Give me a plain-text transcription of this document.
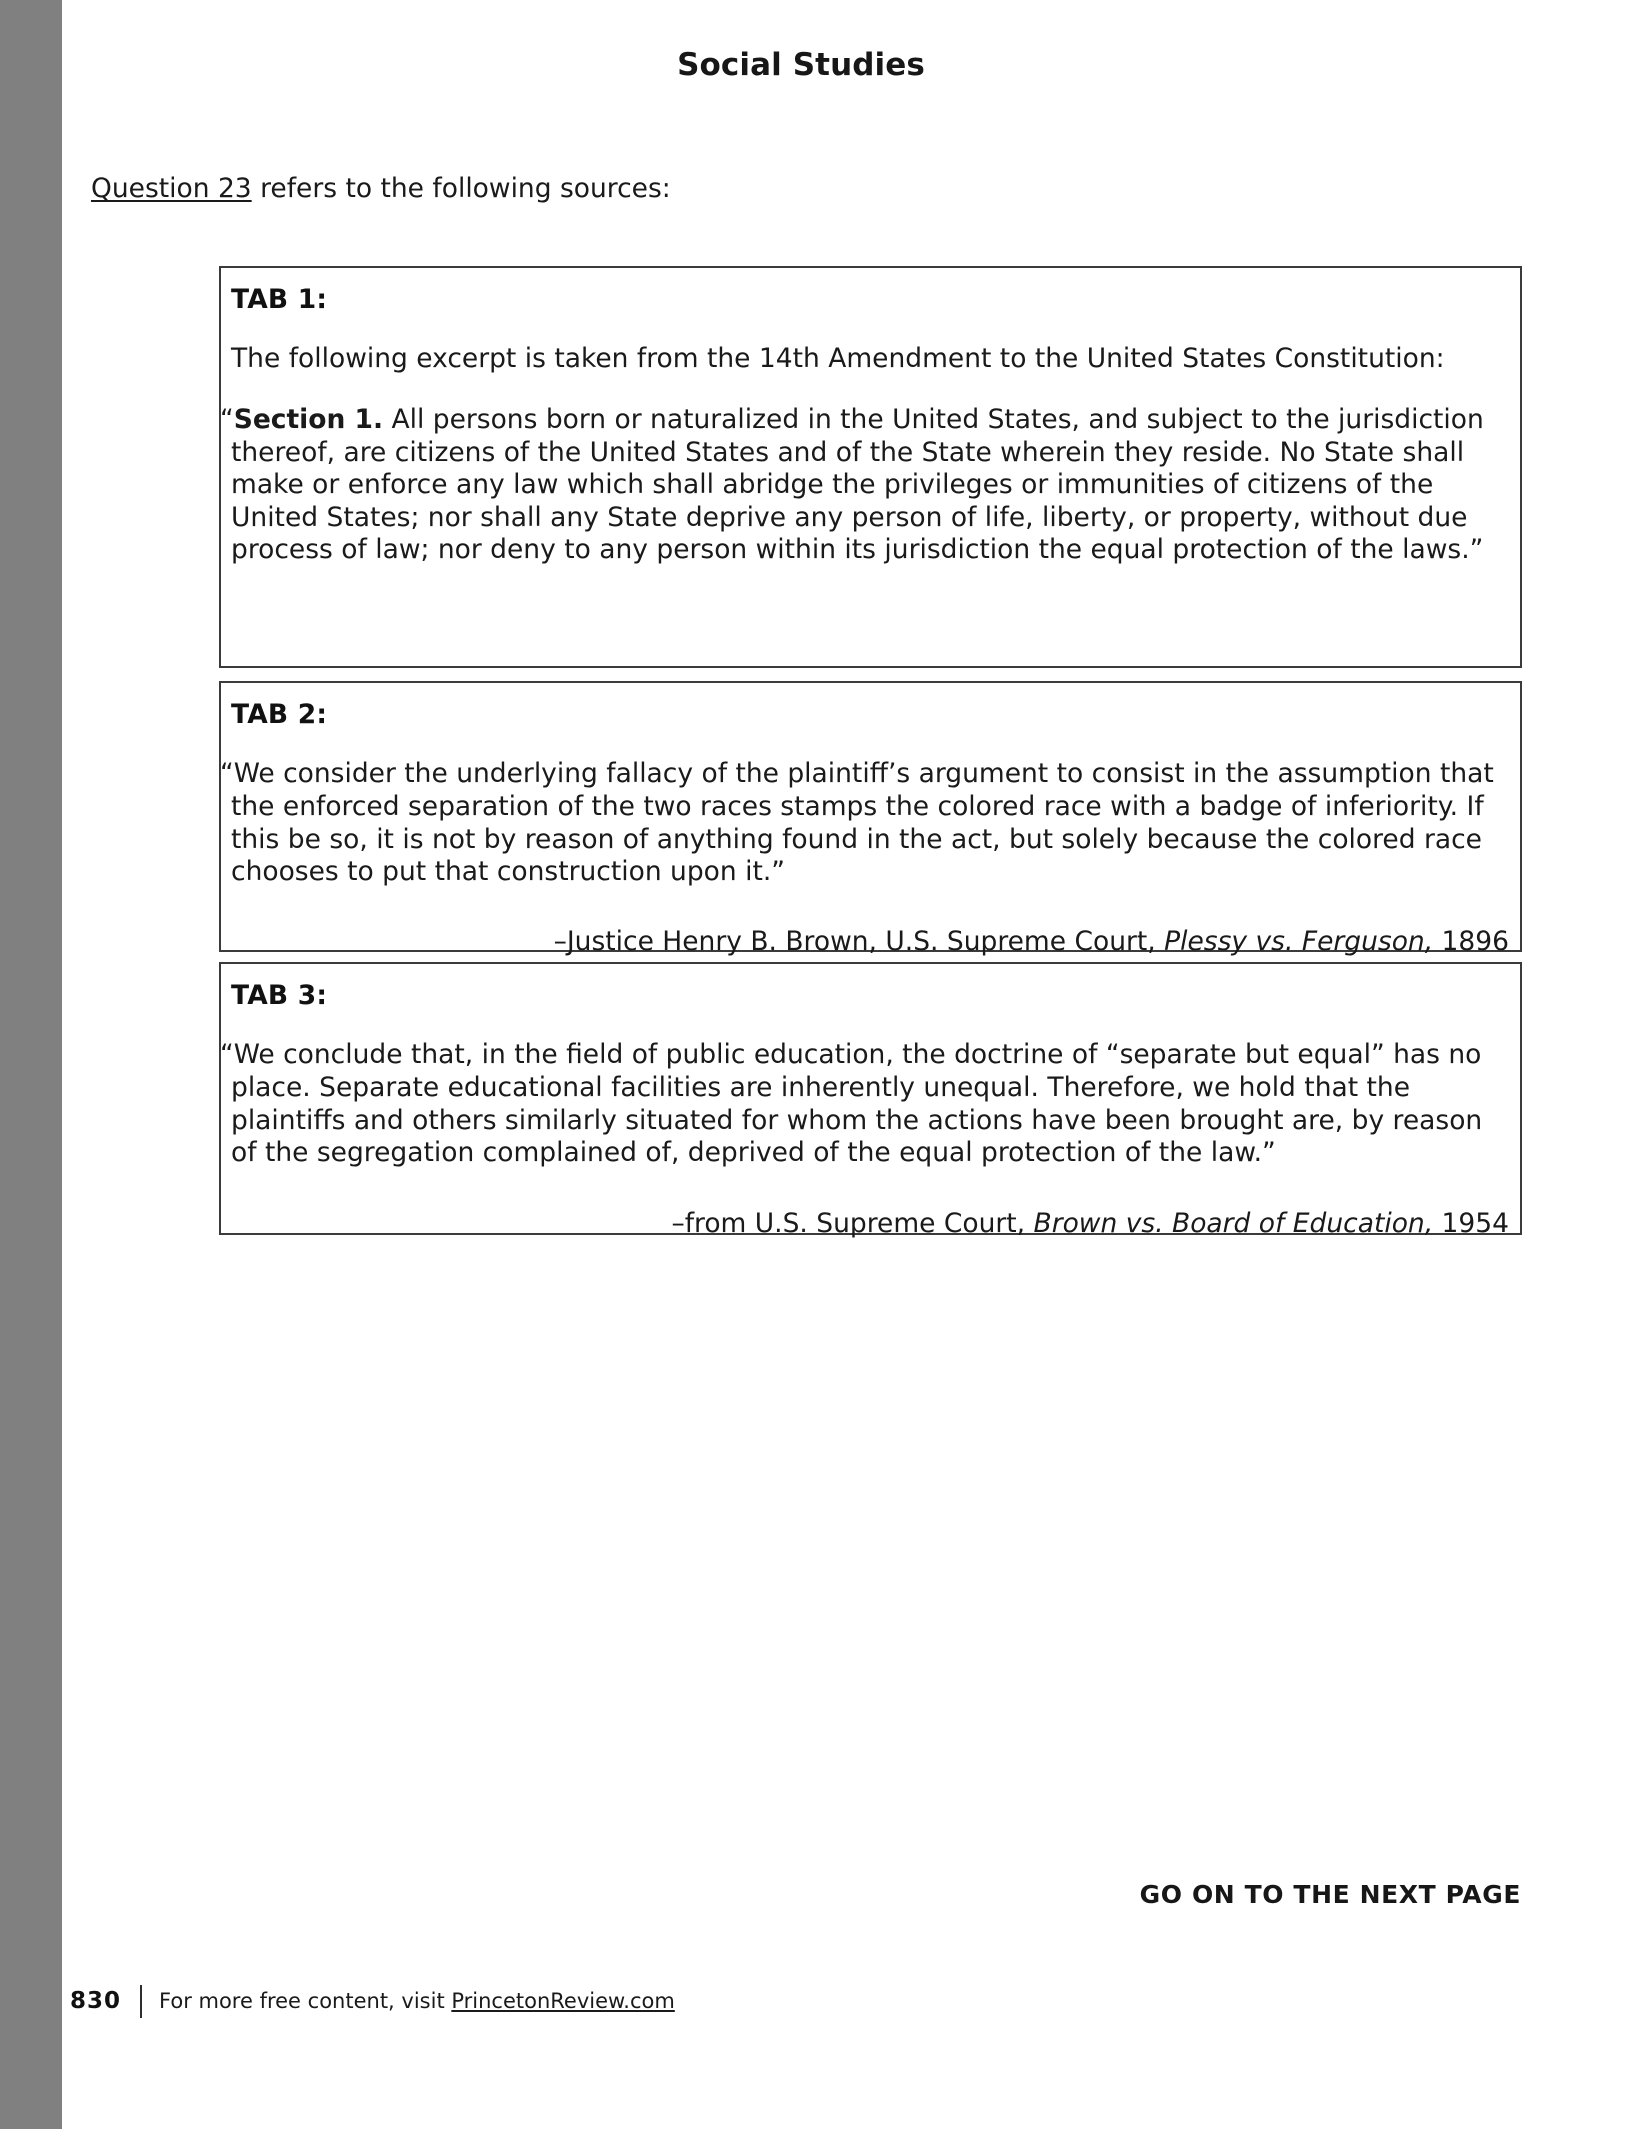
Social Studies
Question 23 refers to the following sources:
TAB 1:
The following excerpt is taken from the 14th Amendment to the United States Constitution:
“Section 1. All persons born or naturalized in the United States, and subject to the jurisdiction thereof, are citizens of the United States and of the State wherein they reside. No State shall make or enforce any law which shall abridge the privileges or immunities of citizens of the United States; nor shall any State deprive any person of life, liberty, or property, without due process of law; nor deny to any person within its jurisdiction the equal protection of the laws.”
TAB 2:
“We consider the underlying fallacy of the plaintiff’s argument to consist in the assumption that the enforced separation of the two races stamps the colored race with a badge of inferiority. If this be so, it is not by reason of anything found in the act, but solely because the colored race chooses to put that construction upon it.”
–Justice Henry B. Brown, U.S. Supreme Court, Plessy vs. Ferguson, 1896
TAB 3:
“We conclude that, in the field of public education, the doctrine of “separate but equal” has no place. Separate educational facilities are inherently unequal. Therefore, we hold that the plaintiffs and others similarly situated for whom the actions have been brought are, by reason of the segregation complained of, deprived of the equal protection of the law.”
–from U.S. Supreme Court, Brown vs. Board of Education, 1954
GO ON TO THE NEXT PAGE
830 For more free content, visit PrincetonReview.com
